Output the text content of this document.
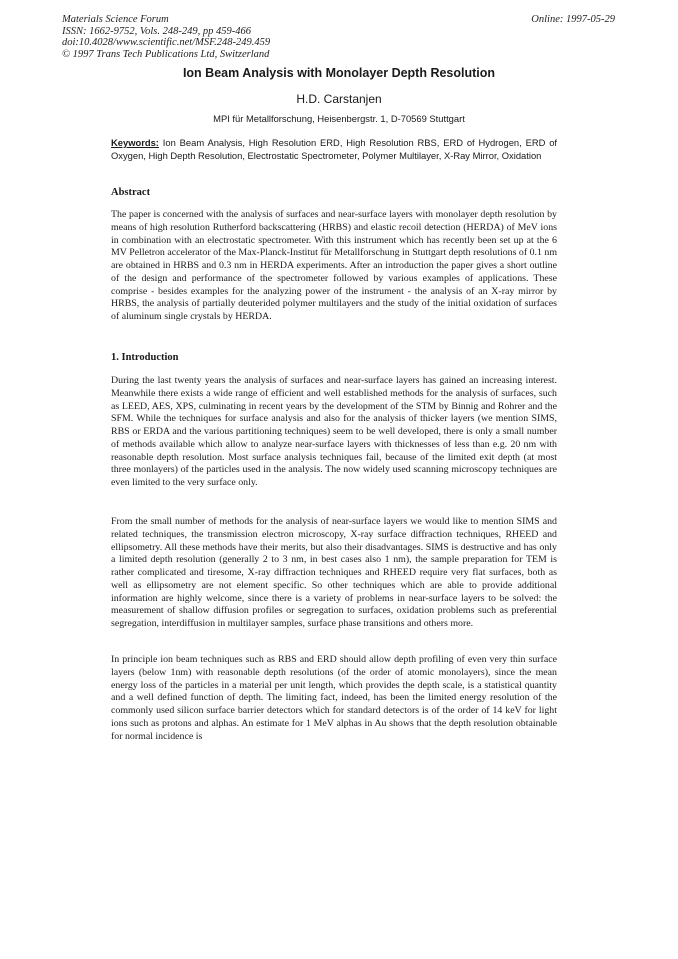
Materials Science Forum
ISSN: 1662-9752, Vols. 248-249, pp 459-466
doi:10.4028/www.scientific.net/MSF.248-249.459
© 1997 Trans Tech Publications Ltd, Switzerland
Online: 1997-05-29
Ion Beam Analysis with Monolayer Depth Resolution
H.D. Carstanjen
MPI für Metallforschung, Heisenbergstr. 1, D-70569 Stuttgart
Keywords: Ion Beam Analysis, High Resolution ERD, High Resolution RBS, ERD of Hydrogen, ERD of Oxygen, High Depth Resolution, Electrostatic Spectrometer, Polymer Multilayer, X-Ray Mirror, Oxidation
Abstract

The paper is concerned with the analysis of surfaces and near-surface layers with monolayer depth resolution by means of high resolution Rutherford backscattering (HRBS) and elastic recoil detection (HERDA) of MeV ions in combination with an electrostatic spectrometer. With this instrument which has recently been set up at the 6 MV Pelletron accelerator of the Max-Planck-Institut für Metallforschung in Stuttgart depth resolutions of 0.1 nm are obtained in HRBS and 0.3 nm in HERDA experiments. After an introduction the paper gives a short outline of the design and performance of the spectrometer followed by various examples of applications. These comprise - besides examples for the analyzing power of the instrument - the analysis of an X-ray mirror by HRBS, the analysis of partially deuterided polymer multilayers and the study of the initial oxidation of surfaces of aluminum single crystals by HERDA.

1. Introduction

During the last twenty years the analysis of surfaces and near-surface layers has gained an increasing interest. Meanwhile there exists a wide range of efficient and well established methods for the analysis of surfaces, such as LEED, AES, XPS, culminating in recent years by the development of the STM by Binnig and Rohrer and the SFM. While the techniques for surface analysis and also for the analysis of thicker layers (we mention SIMS, RBS or ERDA and the various partitioning techniques) seem to be well developed, there is only a small number of methods available which allow to analyze near-surface layers with thicknesses of less than e.g. 20 nm with reasonable depth resolution. Most surface analysis techniques fail, because of the limited exit depth (at most three monlayers) of the particles used in the analysis. The now widely used scanning microscopy techniques are even limited to the very surface only.

From the small number of methods for the analysis of near-surface layers we would like to mention SIMS and related techniques, the transmission electron microscopy, X-ray surface diffraction techniques, RHEED and ellipsometry. All these methods have their merits, but also their disadvantages. SIMS is destructive and has only a limited depth resolution (generally 2 to 3 nm, in best cases also 1 nm), the sample preparation for TEM is rather complicated and tiresome, X-ray diffraction techniques and RHEED require very flat surfaces, both as well as ellipsometry are not element specific. So other techniques which are able to provide additional information are highly welcome, since there is a variety of problems in near-surface layers to be solved: the measurement of shallow diffusion profiles or segregation to surfaces, oxidation problems such as preferential segregation, interdiffusion in multilayer samples, surface phase transitions and others more.

In principle ion beam techniques such as RBS and ERD should allow depth profiling of even very thin surface layers (below 1nm) with reasonable depth resolutions (of the order of atomic monolayers), since the mean energy loss of the particles in a material per unit length, which provides the depth scale, is a statistical quantity and a well defined function of depth. The limiting fact, indeed, has been the limited energy resolution of the commonly used silicon surface barrier detectors which for standard detectors is of the order of 14 keV for light ions such as protons and alphas. An estimate for 1 MeV alphas in Au shows that the depth resolution obtainable for normal incidence is
